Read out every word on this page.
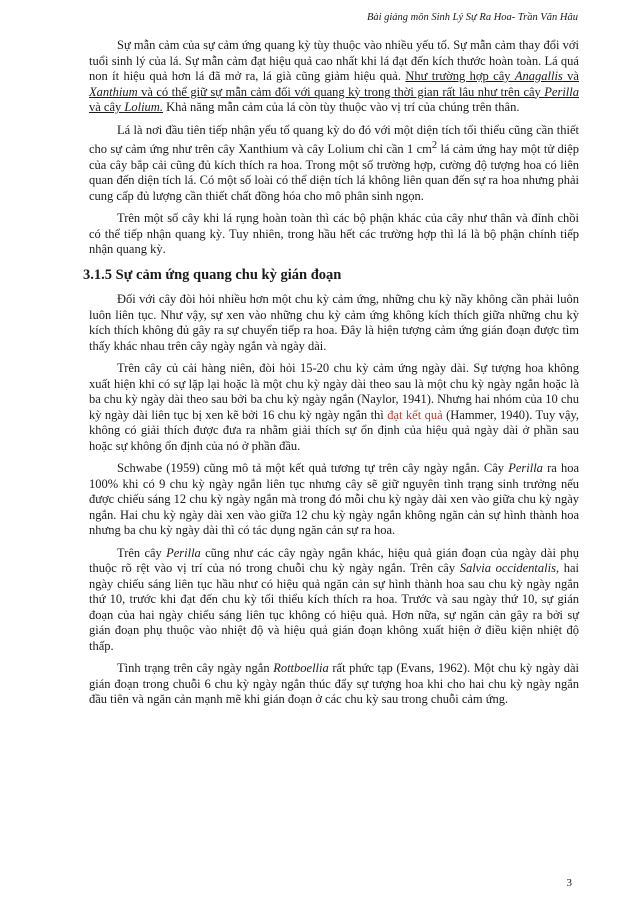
Bài giảng môn Sinh Lý Sự Ra Hoa- Trần Văn Hâu

Sự mẫn cảm của sự cảm ứng quang kỳ tùy thuộc vào nhiều yếu tố. Sự mẫn cảm thay đổi với tuổi sinh lý của lá. Sự mẫn cảm đạt hiệu quả cao nhất khi lá đạt đến kích thước hoàn toàn. Lá quá non ít hiệu quả hơn lá đã mở ra, lá già cũng giảm hiệu quả. Như trường hợp cây Anagallis và Xanthium và có thể giữ sự mẫn cảm đối với quang kỳ trong thời gian rất lâu như trên cây Perilla và cây Lolium. Khả năng mẫn cảm của lá còn tùy thuộc vào vị trí của chúng trên thân.

Lá là nơi đầu tiên tiếp nhận yếu tố quang kỳ do đó với một diện tích tối thiểu cũng cần thiết cho sự cảm ứng như trên cây Xanthium và cây Lolium chỉ cần 1 $cm^2$ lá cảm ứng hay một tử diệp của cây bắp cải cũng đủ kích thích ra hoa. Trong một số trường hợp, cường độ tượng hoa có liên quan đến diện tích lá. Có một số loài có thể diện tích lá không liên quan đến sự ra hoa nhưng phải cung cấp đủ lượng cần thiết chất đồng hóa cho mô phân sinh ngọn.

Trên một số cây khi lá rụng hoàn toàn thì các bộ phận khác của cây như thân và đỉnh chồi có thể tiếp nhận quang kỳ. Tuy nhiên, trong hầu hết các trường hợp thì lá là bộ phận chính tiếp nhận quang kỳ.

3.1.5 Sự cảm ứng quang chu kỳ gián đoạn

Đối với cây đòi hỏi nhiều hơn một chu kỳ cảm ứng, những chu kỳ nầy không cần phải luôn luôn liên tục. Như vậy, sự xen vào những chu kỳ cảm ứng không kích thích giữa những chu kỳ kích thích không đủ gây ra sự chuyển tiếp ra hoa. Đây là hiện tượng cảm ứng gián đoạn được tìm thấy khác nhau trên cây ngày ngắn và ngày dài.

Trên cây củ cải hàng niên, đòi hỏi 15-20 chu kỳ cảm ứng ngày dài. Sự tượng hoa không xuất hiện khi có sự lặp lại hoặc là một chu kỳ ngày dài theo sau là một chu kỳ ngày ngắn hoặc là ba chu kỳ ngày dài theo sau bởi ba chu kỳ ngày ngắn (Naylor, 1941). Nhưng hai nhóm của 10 chu kỳ ngày dài liên tục bị xen kẽ bởi 16 chu kỳ ngày ngắn thì đạt kết quả (Hammer, 1940). Tuy vậy, không có giải thích được đưa ra nhằm giải thích sự ổn định của hiệu quả ngày dài ở phần sau hoặc sự không ổn định của nó ở phần đầu.

Schwabe (1959) cũng mô tả một kết quả tương tự trên cây ngày ngắn. Cây Perilla ra hoa 100% khi có 9 chu kỳ ngày ngắn liên tục nhưng cây sẽ giữ nguyên tình trạng sinh trưởng nếu được chiếu sáng 12 chu kỳ ngày ngắn mà trong đó mỗi chu kỳ ngày dài xen vào giữa chu kỳ ngày ngắn. Hai chu kỳ ngày dài xen vào giữa 12 chu kỳ ngày ngắn không ngăn cản sự hình thành hoa nhưng ba chu kỳ ngày dài thì có tác dụng ngăn cản sự ra hoa.

Trên cây Perilla cũng như các cây ngày ngắn khác, hiệu quả gián đoạn của ngày dài phụ thuộc rõ rệt vào vị trí của nó trong chuỗi chu kỳ ngày ngắn. Trên cây Salvia occidentalis, hai ngày chiếu sáng liên tục hầu như có hiệu quả ngăn cản sự hình thành hoa sau chu kỳ ngày ngắn thứ 10, trước khi đạt đến chu kỳ tối thiểu kích thích ra hoa. Trước và sau ngày thứ 10, sự gián đoạn của hai ngày chiếu sáng liên tục không có hiệu quả. Hơn nữa, sự ngăn cản gây ra bởi sự gián đoạn phụ thuộc vào nhiệt độ và hiệu quả gián đoạn không xuất hiện ở điều kiện nhiệt độ thấp.

Tình trạng trên cây ngày ngắn Rottboellia rất phức tạp (Evans, 1962). Một chu kỳ ngày dài gián đoạn trong chuỗi 6 chu kỳ ngày ngắn thúc đẩy sự tượng hoa khi cho hai chu kỳ ngày ngắn đầu tiên và ngăn cản mạnh mẽ khi gián đoạn ở các chu kỳ sau trong chuỗi cảm ứng.

3
